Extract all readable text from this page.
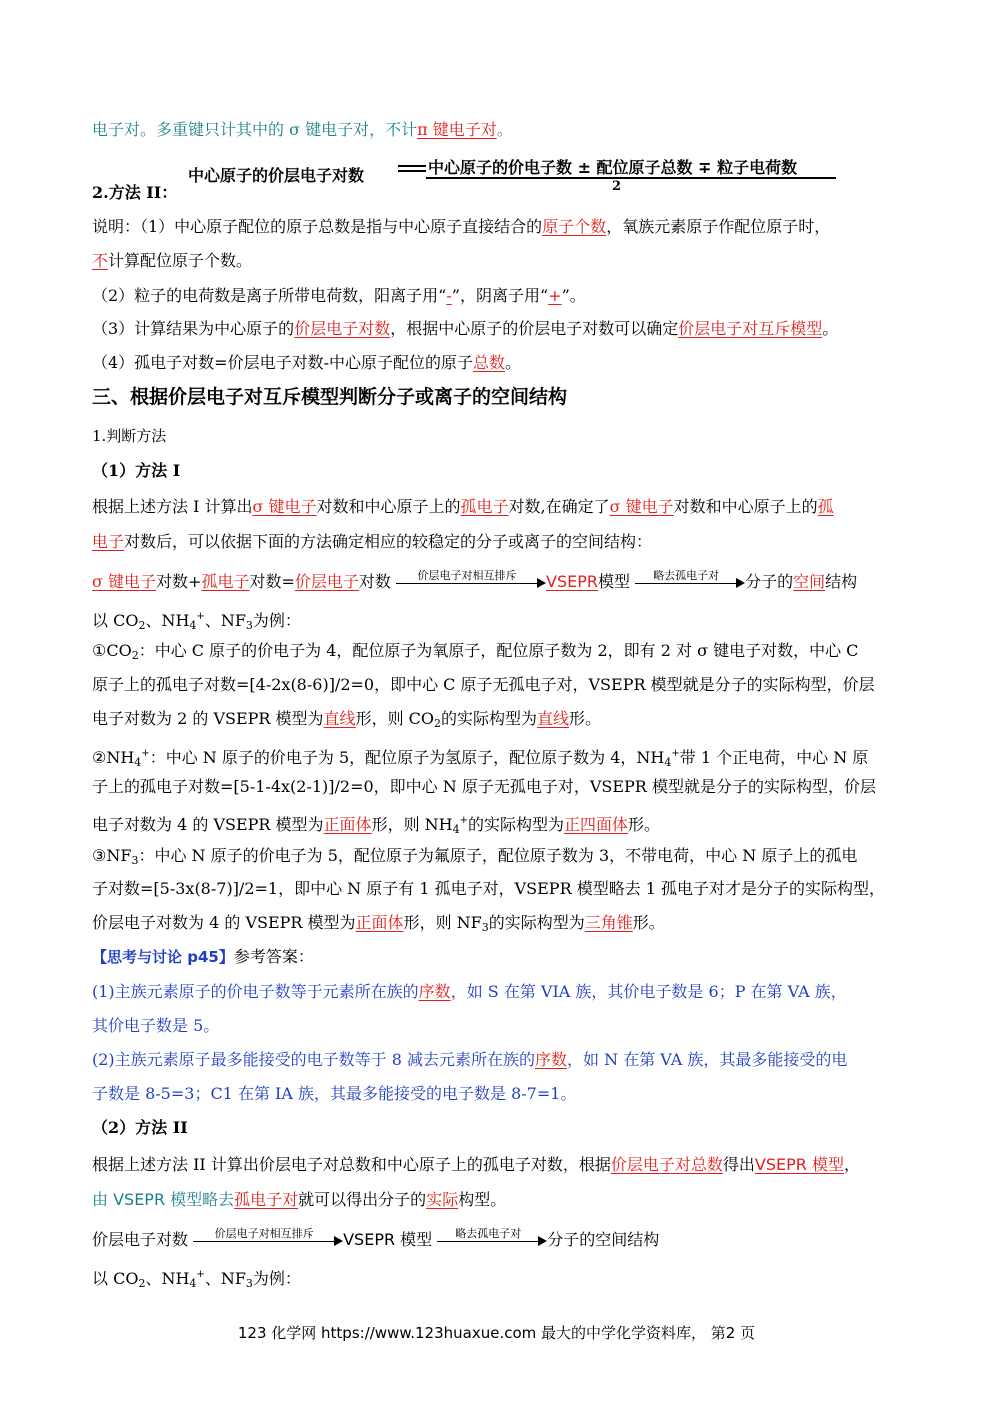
电子对。多重键只计其中的 σ 键电子对，不计π 键电子对。
中心原子的价层电子对数	中心原子的价电子数 ± 配位原子总数 ∓ 粒子电荷数
2
2.方法 II：
说明：（1）中心原子配位的原子总数是指与中心原子直接结合的原子个数，氧族元素原子作配位原子时，
不计算配位原子个数。
（2）粒子的电荷数是离子所带电荷数，阳离子用“-”，阴离子用“+”。
（3）计算结果为中心原子的价层电子对数，根据中心原子的价层电子对数可以确定价层电子对互斥模型。
（4）孤电子对数=价层电子对数-中心原子配位的原子总数。
三、根据价层电子对互斥模型判断分子或离子的空间结构
1.判断方法
（1）方法 I
根据上述方法 I 计算出σ 键电子对数和中心原子上的孤电子对数,在确定了σ 键电子对数和中心原子上的孤
电子对数后，可以依据下面的方法确定相应的较稳定的分子或离子的空间结构：
σ 键电子对数+孤电子对数=价层电子对数	价层电子对相互排斥	VSEPR模型	略去孤电子对	分子的空间结构
以 $CO_2$、$NH_4^+$、$NF_3$为例：
$①CO_2$：中心 C 原子的价电子为 4，配位原子为氧原子，配位原子数为 2，即有 2 对 σ 键电子对数，中心 C
原子上的孤电子对数=[4-2x(8-6)]/2=0，即中心 C 原子无孤电子对，VSEPR 模型就是分子的实际构型，价层
电子对数为 2 的 VSEPR 模型为直线形，则 $CO_2$的实际构型为直线形。
$②NH_4^+$：中心 N 原子的价电子为 5，配位原子为氢原子，配位原子数为 4，$NH_4^+$带 1 个正电荷，中心 N 原
子上的孤电子对数=[5-1-4x(2-1)]/2=0，即中心 N 原子无孤电子对，VSEPR 模型就是分子的实际构型，价层
电子对数为 4 的 VSEPR 模型为正面体形，则 $NH_4^+$的实际构型为正四面体形。
$③NF_3$：中心 N 原子的价电子为 5，配位原子为氟原子，配位原子数为 3，不带电荷，中心 N 原子上的孤电
子对数=[5-3x(8-7)]/2=1，即中心 N 原子有 1 孤电子对，VSEPR 模型略去 1 孤电子对才是分子的实际构型，
价层电子对数为 4 的 VSEPR 模型为正面体形，则 $NF_3$的实际构型为三角锥形。
【思考与讨论 p45】参考答案：
(1)主族元素原子的价电子数等于元素所在族的序数，如 S 在第 VIA 族，其价电子数是 6；P 在第 VA 族，
其价电子数是 5。
(2)主族元素原子最多能接受的电子数等于 8 减去元素所在族的序数，如 N 在第 VA 族，其最多能接受的电
子数是 8-5=3；C1 在第 IA 族，其最多能接受的电子数是 8-7=1。
（2）方法 II
根据上述方法 II 计算出价层电子对总数和中心原子上的孤电子对数，根据价层电子对总数得出VSEPR 模型，
由 VSEPR 模型略去孤电子对就可以得出分子的实际构型。
价层电子对数	价层电子对相互排斥	VSEPR 模型	略去孤电子对	分子的空间结构
以 $CO_2$、$NH_4^+$、$NF_3$为例：
123 化学网 https://www.123huaxue.com 最大的中学化学资料库， 第2 页
